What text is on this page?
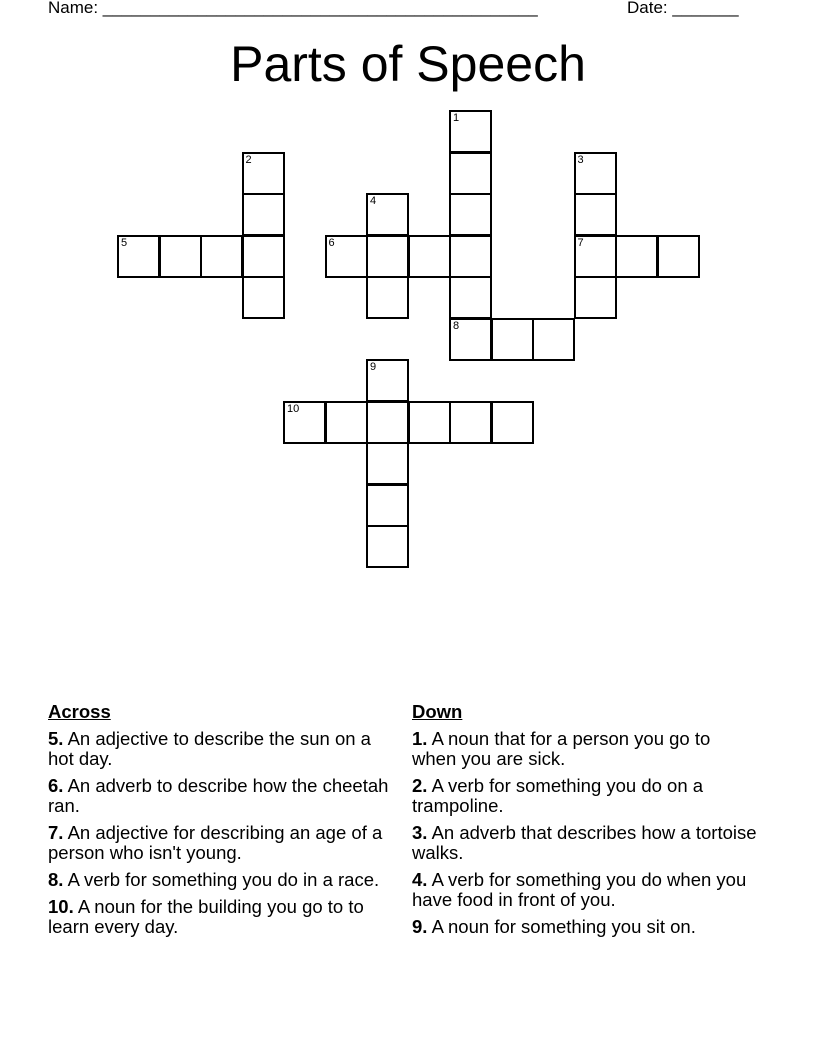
Name: ______________________________________________	Date: _______
Parts of Speech
1
2	3
4
5	6	7
8
9
10
Across
5. An adjective to describe the sun on a hot day.
6. An adverb to describe how the cheetah ran.
7. An adjective for describing an age of a person who isn't young.
8. A verb for something you do in a race.
10. A noun for the building you go to to learn every day.
Down
1. A noun that for a person you go to when you are sick.
2. A verb for something you do on a trampoline.
3. An adverb that describes how a tortoise walks.
4. A verb for something you do when you have food in front of you.
9. A noun for something you sit on.
